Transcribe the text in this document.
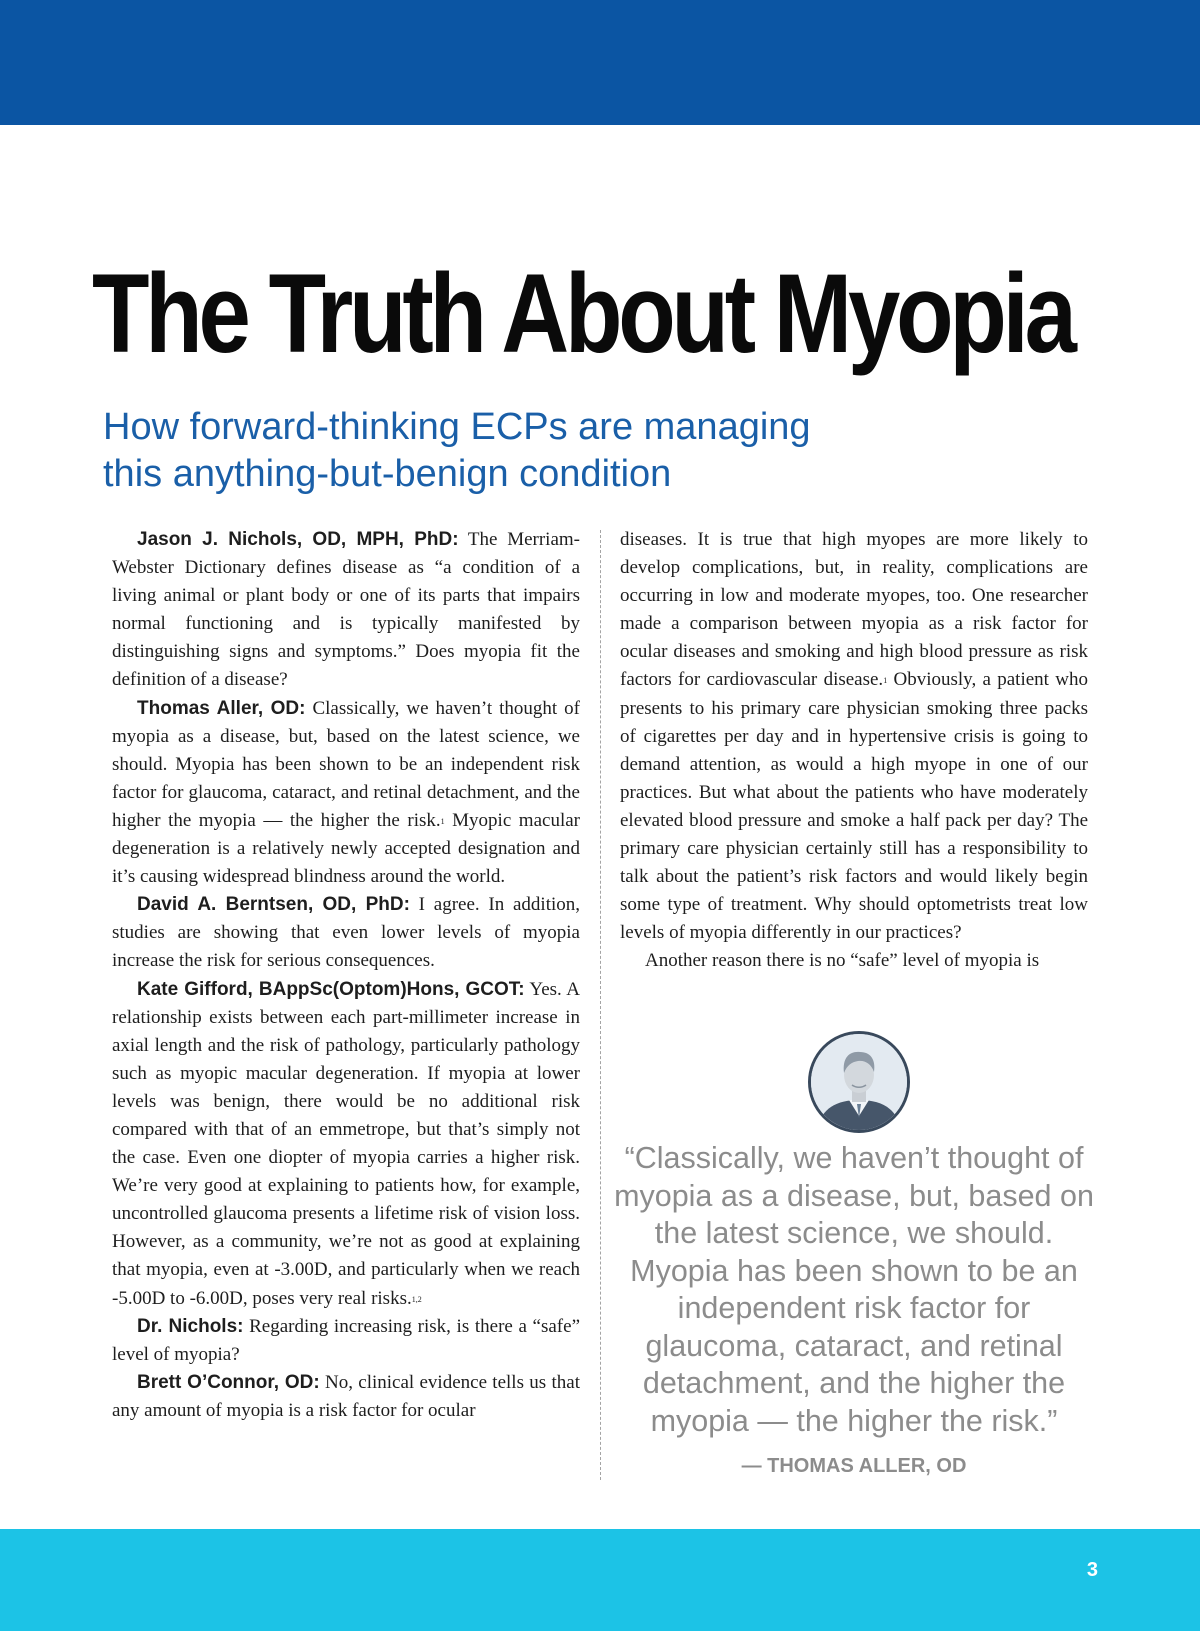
The Truth About Myopia
How forward-thinking ECPs are managing
this anything-but-benign condition

Jason J. Nichols, OD, MPH, PhD: The Merriam-Webster Dictionary defines disease as “a condition of a living animal or plant body or one of its parts that impairs normal functioning and is typically manifested by distinguishing signs and symptoms.” Does myopia fit the definition of a disease?

Thomas Aller, OD: Classically, we haven’t thought of myopia as a disease, but, based on the latest science, we should. Myopia has been shown to be an independent risk factor for glaucoma, cataract, and retinal detachment, and the higher the myopia — the higher the risk.$^1$ Myopic macular degeneration is a relatively newly accepted designation and it’s causing widespread blindness around the world.

David A. Berntsen, OD, PhD: I agree. In addition, studies are showing that even lower levels of myopia increase the risk for serious consequences.

Kate Gifford, BAppSc(Optom)Hons, GCOT: Yes. A relationship exists between each part-millimeter increase in axial length and the risk of pathology, particularly pathology such as myopic macular degeneration. If myopia at lower levels was benign, there would be no additional risk compared with that of an emmetrope, but that’s simply not the case. Even one diopter of myopia carries a higher risk. We’re very good at explaining to patients how, for example, uncontrolled glaucoma presents a lifetime risk of vision loss. However, as a community, we’re not as good at explaining that myopia, even at -3.00D, and particularly when we reach -5.00D to -6.00D, poses very real risks.$^{1,2}$

Dr. Nichols: Regarding increasing risk, is there a “safe” level of myopia?

Brett O’Connor, OD: No, clinical evidence tells us that any amount of myopia is a risk factor for ocular

diseases. It is true that high myopes are more likely to develop complications, but, in reality, complications are occurring in low and moderate myopes, too. One researcher made a comparison between myopia as a risk factor for ocular diseases and smoking and high blood pressure as risk factors for cardiovascular disease.$^1$ Obviously, a patient who presents to his primary care physician smoking three packs of cigarettes per day and in hypertensive crisis is going to demand attention, as would a high myope in one of our practices. But what about the patients who have moderately elevated blood pressure and smoke a half pack per day? The primary care physician certainly still has a responsibility to talk about the patient’s risk factors and would likely begin some type of treatment. Why should optometrists treat low levels of myopia differently in our practices?

Another reason there is no “safe” level of myopia is

“Classically, we haven’t thought of myopia as a disease, but, based on the latest science, we should. Myopia has been shown to be an independent risk factor for glaucoma, cataract, and retinal detachment, and the higher the myopia — the higher the risk.”
— THOMAS ALLER, OD
3
